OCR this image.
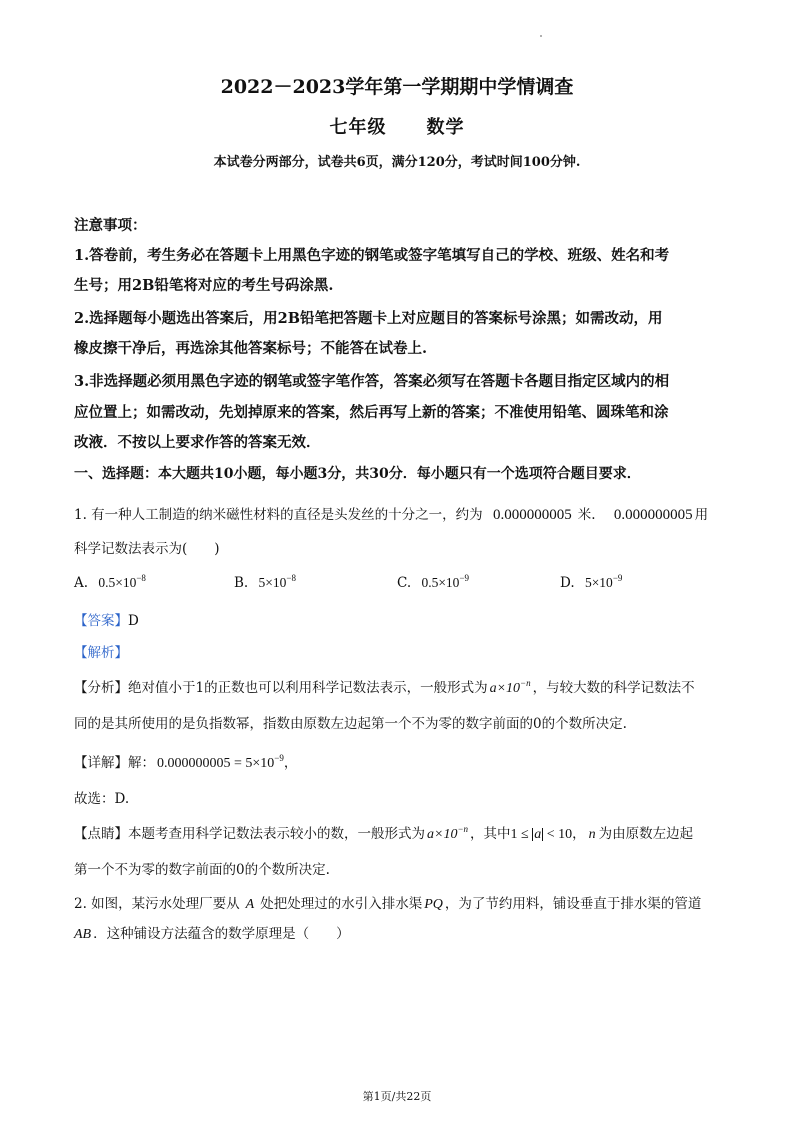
2022－2023学年第一学期期中学情调查
七年级 数学
本试卷分两部分，试卷共6页，满分120分，考试时间100分钟.
注意事项：
1.答卷前，考生务必在答题卡上用黑色字迹的钢笔或签字笔填写自己的学校、班级、姓名和考
生号；用2B铅笔将对应的考生号码涂黑.
2.选择题每小题选出答案后，用2B铅笔把答题卡上对应题目的答案标号涂黑；如需改动，用
橡皮擦干净后，再选涂其他答案标号；不能答在试卷上.
3.非选择题必须用黑色字迹的钢笔或签字笔作答，答案必须写在答题卡各题目指定区域内的相
应位置上；如需改动，先划掉原来的答案，然后再写上新的答案；不准使用铅笔、圆珠笔和涂
改液．不按以上要求作答的答案无效．
一、选择题：本大题共10小题，每小题3分，共30分．每小题只有一个选项符合题目要求．
1. 有一种人工制造的纳米磁性材料的直径是头发丝的十分之一，约为 0.000000005 米. 0.000000005 用
科学记数法表示为(　　)
A. $0.5\times 10^{-8}$	B. $5\times 10^{-8}$	C. $0.5\times 10^{-9}$	D. $5\times 10^{-9}$
【答案】D
【解析】
【分析】绝对值小于1的正数也可以利用科学记数法表示，一般形式为 $a\times 10^{-n}$ ，与较大数的科学记数法不
同的是其所使用的是负指数幂，指数由原数左边起第一个不为零的数字前面的0的个数所决定.
【详解】解： $0.000000005 = 5\times 10^{-9}$，
故选：D.
【点睛】本题考查用科学记数法表示较小的数，一般形式为 $a\times 10^{-n}$ ，其中1 ≤ a < 10， n 为由原数左边起
第一个不为零的数字前面的0的个数所决定.
2. 如图，某污水处理厂要从 A 处把处理过的水引入排水渠 PQ ，为了节约用料，铺设垂直于排水渠的管道
AB ．这种铺设方法蕴含的数学原理是（　　）
第1页/共22页
